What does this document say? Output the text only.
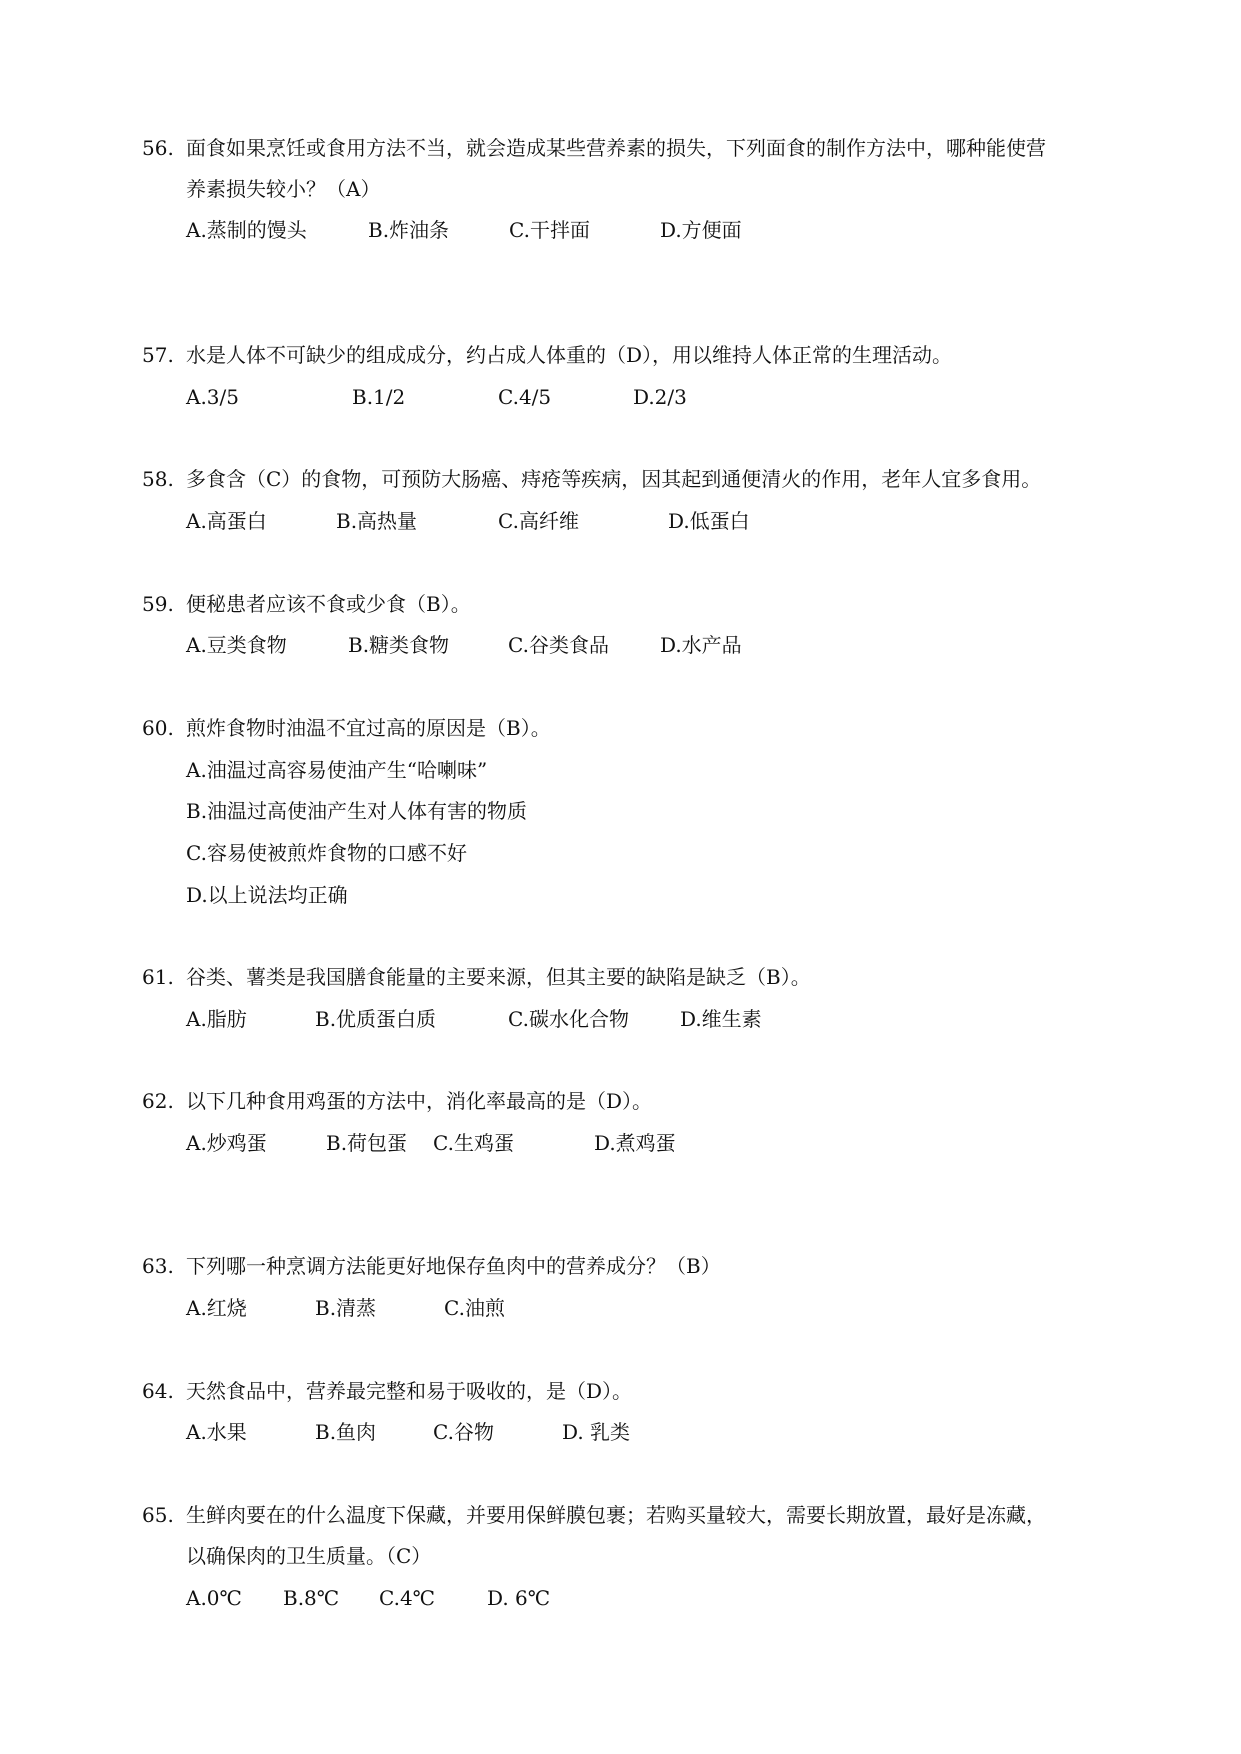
56. 面食如果烹饪或食用方法不当，就会造成某些营养素的损失，下列面食的制作方法中，哪种能使营
养素损失较小？（A）
A.蒸制的馒头	B.炸油条	C.干拌面	D.方便面
57. 水是人体不可缺少的组成成分，约占成人体重的（D），用以维持人体正常的生理活动。
A.3/5	B.1/2	C.4/5	D.2/3
58. 多食含（C）的食物，可预防大肠癌、痔疮等疾病，因其起到通便清火的作用，老年人宜多食用。
A.高蛋白	B.高热量	C.高纤维	D.低蛋白
59. 便秘患者应该不食或少食（B）。
A.豆类食物	B.糖类食物	C.谷类食品	D.水产品
60. 煎炸食物时油温不宜过高的原因是（B）。
A.油温过高容易使油产生“哈喇味”
B.油温过高使油产生对人体有害的物质
C.容易使被煎炸食物的口感不好
D.以上说法均正确
61. 谷类、薯类是我国膳食能量的主要来源，但其主要的缺陷是缺乏（B）。
A.脂肪	B.优质蛋白质	C.碳水化合物	D.维生素
62. 以下几种食用鸡蛋的方法中，消化率最高的是（D）。
A.炒鸡蛋	B.荷包蛋 C.生鸡蛋	D.煮鸡蛋
63. 下列哪一种烹调方法能更好地保存鱼肉中的营养成分？（B）
A.红烧	B.清蒸	C.油煎
64. 天然食品中，营养最完整和易于吸收的，是（D）。
A.水果	B.鱼肉	C.谷物	D. 乳类
65. 生鲜肉要在的什么温度下保藏，并要用保鲜膜包裹；若购买量较大，需要长期放置，最好是冻藏，
以确保肉的卫生质量。（C）
A.0℃ B.8℃ C.4℃	D. 6℃
